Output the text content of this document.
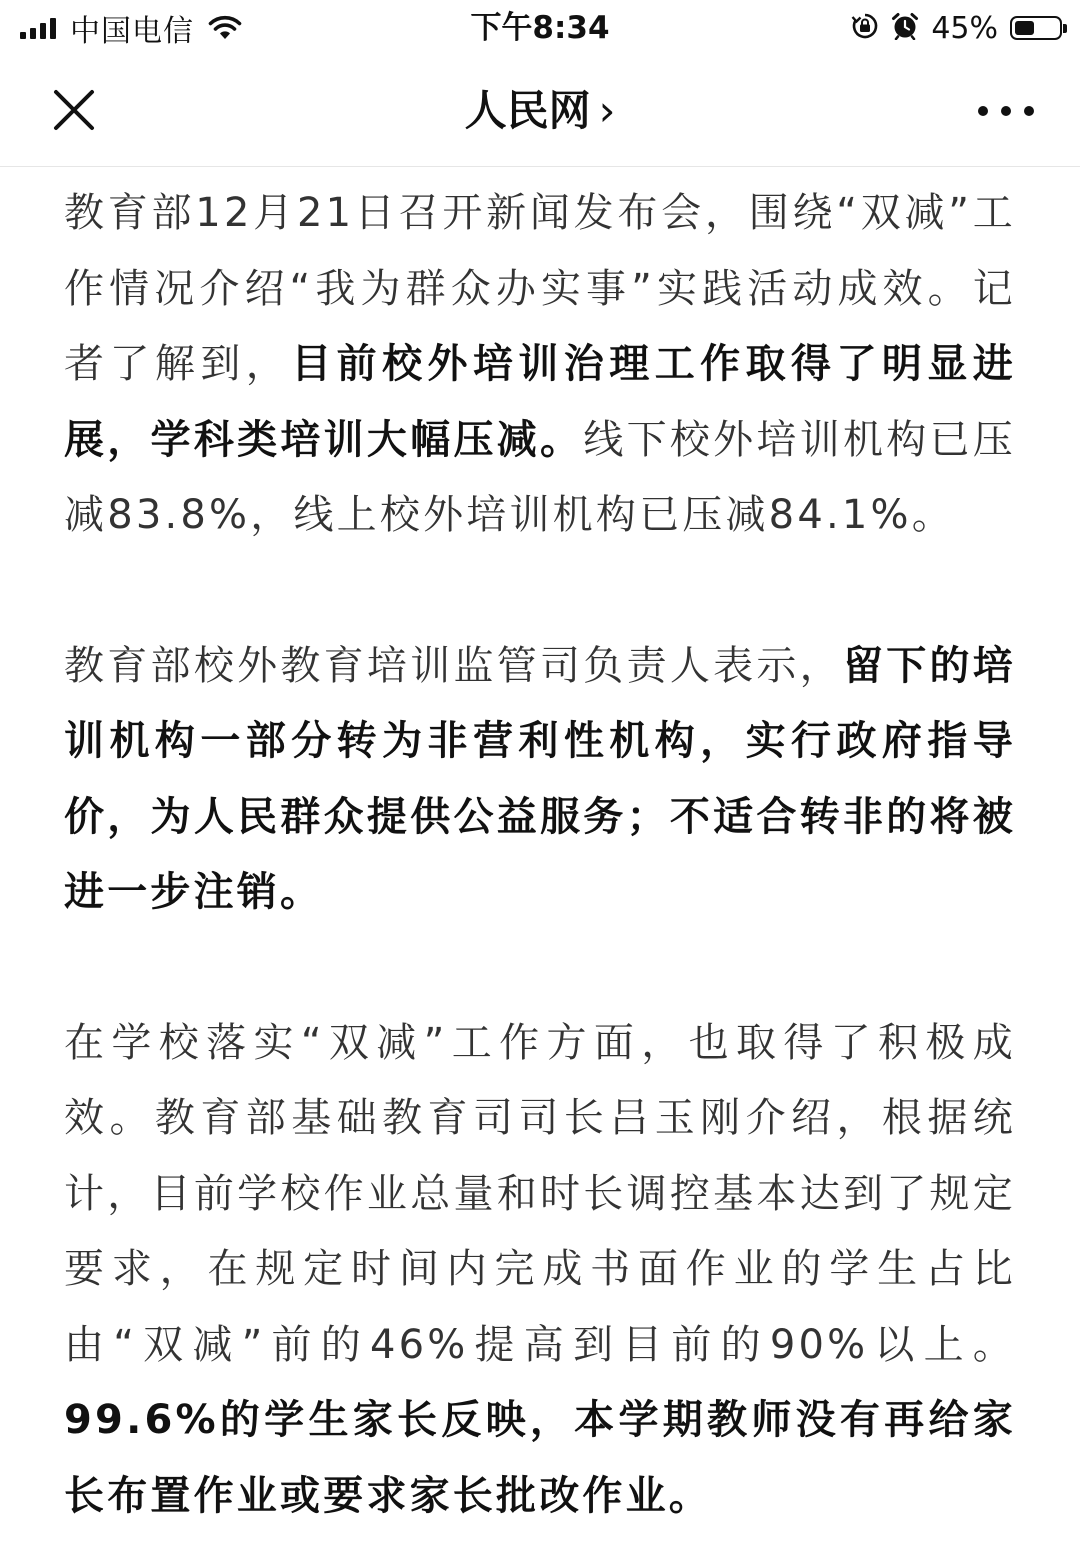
中国电信	下午8:34	45%
人民网 ›

教育部12月21日召开新闻发布会，围绕“双减”工作情况介绍“我为群众办实事”实践活动成效。记者了解到，目前校外培训治理工作取得了明显进展，学科类培训大幅压减。线下校外培训机构已压减83.8%，线上校外培训机构已压减84.1%。

教育部校外教育培训监管司负责人表示，留下的培训机构一部分转为非营利性机构，实行政府指导价，为人民群众提供公益服务；不适合转非的将被进一步注销。

在学校落实“双减”工作方面，也取得了积极成效。教育部基础教育司司长吕玉刚介绍，根据统计，目前学校作业总量和时长调控基本达到了规定要求，在规定时间内完成书面作业的学生占比由“双减”前的46%提高到目前的90%以上。99.6%的学生家长反映，本学期教师没有再给家长布置作业或要求家长批改作业。
